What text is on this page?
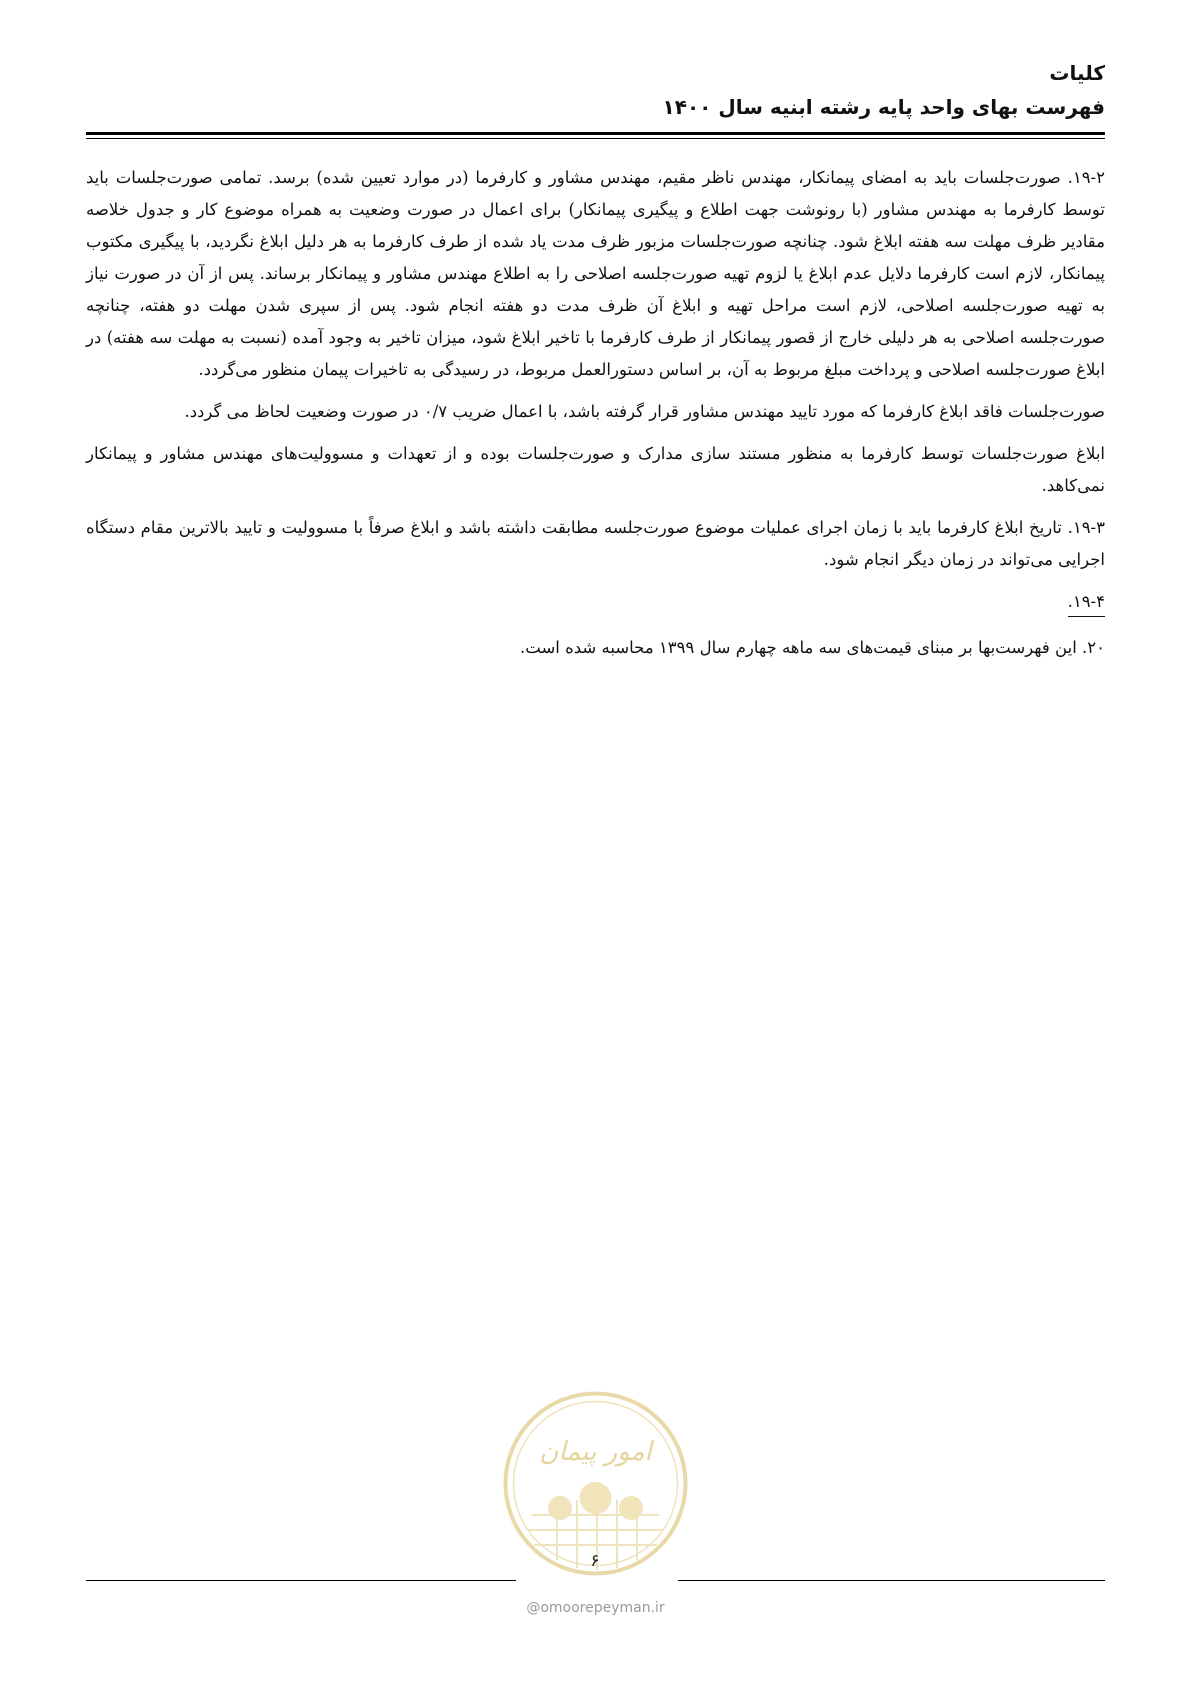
کلیات
فهرست بهای واحد پایه رشته ابنیه سال ۱۴۰۰

۱۹-۲. صورت‌جلسات باید به امضای پیمانکار، مهندس ناظر مقیم، مهندس مشاور و کارفرما (در موارد تعیین شده) برسد. تمامی صورت‌جلسات باید توسط کارفرما به مهندس مشاور (با رونوشت جهت اطلاع و پیگیری پیمانکار) برای اعمال در صورت وضعیت به همراه موضوع کار و جدول خلاصه مقادیر ظرف مهلت سه هفته ابلاغ شود. چنانچه صورت‌جلسات مزبور ظرف مدت یاد شده از طرف کارفرما به هر دلیل ابلاغ نگردید، با پیگیری مکتوب پیمانکار، لازم است کارفرما دلایل عدم ابلاغ یا لزوم تهیه صورت‌جلسه اصلاحی را به اطلاع مهندس مشاور و پیمانکار برساند. پس از آن در صورت نیاز به تهیه صورت‌جلسه اصلاحی، لازم است مراحل تهیه و ابلاغ آن ظرف مدت دو هفته انجام شود. پس از سپری شدن مهلت دو هفته، چنانچه صورت‌جلسه اصلاحی به هر دلیلی خارج از قصور پیمانکار از طرف کارفرما با تاخیر ابلاغ شود، میزان تاخیر به وجود آمده (نسبت به مهلت سه هفته) در ابلاغ صورت‌جلسه اصلاحی و پرداخت مبلغ مربوط به آن، بر اساس دستورالعمل مربوط، در رسیدگی به تاخیرات پیمان منظور می‌گردد.

صورت‌جلسات فاقد ابلاغ کارفرما که مورد تایید مهندس مشاور قرار گرفته باشد، با اعمال ضریب ۰/۷ در صورت وضعیت لحاظ می گردد.

ابلاغ صورت‌جلسات توسط کارفرما به منظور مستند سازی مدارک و صورت‌جلسات بوده و از تعهدات و مسوولیت‌های مهندس مشاور و پیمانکار نمی‌کاهد.

۱۹-۳. تاریخ ابلاغ کارفرما باید با زمان اجرای عملیات موضوع صورت‌جلسه مطابقت داشته باشد و ابلاغ صرفاً با مسوولیت و تایید بالاترین مقام دستگاه اجرایی می‌تواند در زمان دیگر انجام شود.

۱۹-۴.

۲۰. این فهرست‌بها بر مبنای قیمت‌های سه ماهه چهارم سال ۱۳۹۹ محاسبه شده است.

امور پیمان
۶
@omoorepeyman.ir
